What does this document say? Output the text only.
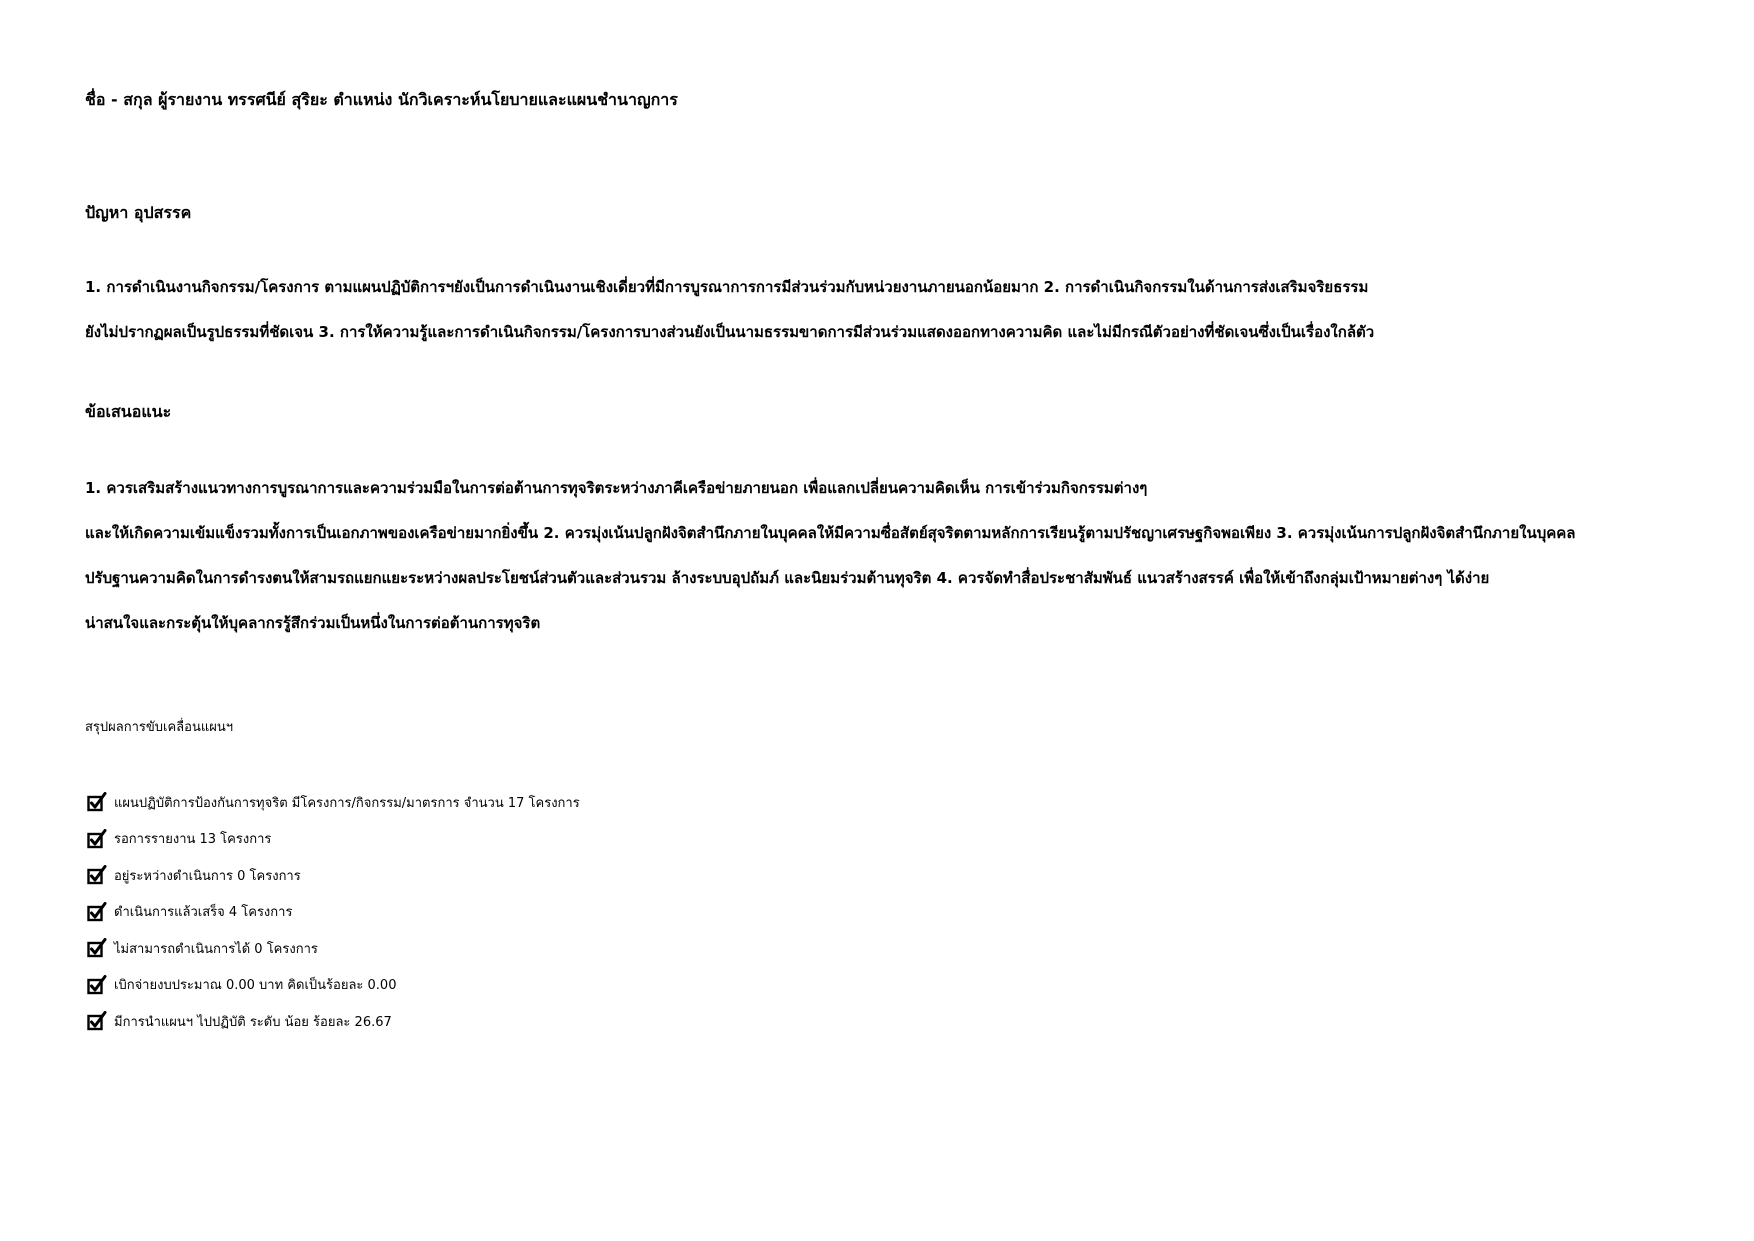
ชื่อ - สกุล ผู้รายงาน ทรรศนีย์ สุริยะ ตำแหน่ง นักวิเคราะห์นโยบายและแผนชำนาญการ
ปัญหา อุปสรรค
1. การดำเนินงานกิจกรรม/โครงการ ตามแผนปฏิบัติการฯยังเป็นการดำเนินงานเชิงเดี่ยวที่มีการบูรณาการการมีส่วนร่วมกับหน่วยงานภายนอกน้อยมาก 2. การดำเนินกิจกรรมในด้านการส่งเสริมจริยธรรม
ยังไม่ปรากฏผลเป็นรูปธรรมที่ชัดเจน 3. การให้ความรู้และการดำเนินกิจกรรม/โครงการบางส่วนยังเป็นนามธรรมขาดการมีส่วนร่วมแสดงออกทางความคิด และไม่มีกรณีตัวอย่างที่ชัดเจนซึ่งเป็นเรื่องใกล้ตัว
ข้อเสนอแนะ
1. ควรเสริมสร้างแนวทางการบูรณาการและความร่วมมือในการต่อต้านการทุจริตระหว่างภาคีเครือข่ายภายนอก เพื่อแลกเปลี่ยนความคิดเห็น การเข้าร่วมกิจกรรมต่างๆ
และให้เกิดความเข้มแข็งรวมทั้งการเป็นเอกภาพของเครือข่ายมากยิ่งขึ้น 2. ควรมุ่งเน้นปลูกฝังจิตสำนึกภายในบุคคลให้มีความซื่อสัตย์สุจริตตามหลักการเรียนรู้ตามปรัชญาเศรษฐกิจพอเพียง 3. ควรมุ่งเน้นการปลูกฝังจิตสำนึกภายในบุคคล
ปรับฐานความคิดในการดำรงตนให้สามรถแยกแยะระหว่างผลประโยชน์ส่วนตัวและส่วนรวม ล้างระบบอุปถัมภ์ และนิยมร่วมต้านทุจริต 4. ควรจัดทำสื่อประชาสัมพันธ์ แนวสร้างสรรค์ เพื่อให้เข้าถึงกลุ่มเป้าหมายต่างๆ ได้ง่าย
น่าสนใจและกระตุ้นให้บุคลากรรู้สึกร่วมเป็นหนึ่งในการต่อต้านการทุจริต
สรุปผลการขับเคลื่อนแผนฯ
แผนปฏิบัติการป้องกันการทุจริต มีโครงการ/กิจกรรม/มาตรการ จำนวน 17 โครงการ
รอการรายงาน 13 โครงการ
อยู่ระหว่างดำเนินการ 0 โครงการ
ดำเนินการแล้วเสร็จ 4 โครงการ
ไม่สามารถดำเนินการได้ 0 โครงการ
เบิกจ่ายงบประมาณ 0.00 บาท คิดเป็นร้อยละ 0.00
มีการนำแผนฯ ไปปฏิบัติ ระดับ น้อย ร้อยละ 26.67
